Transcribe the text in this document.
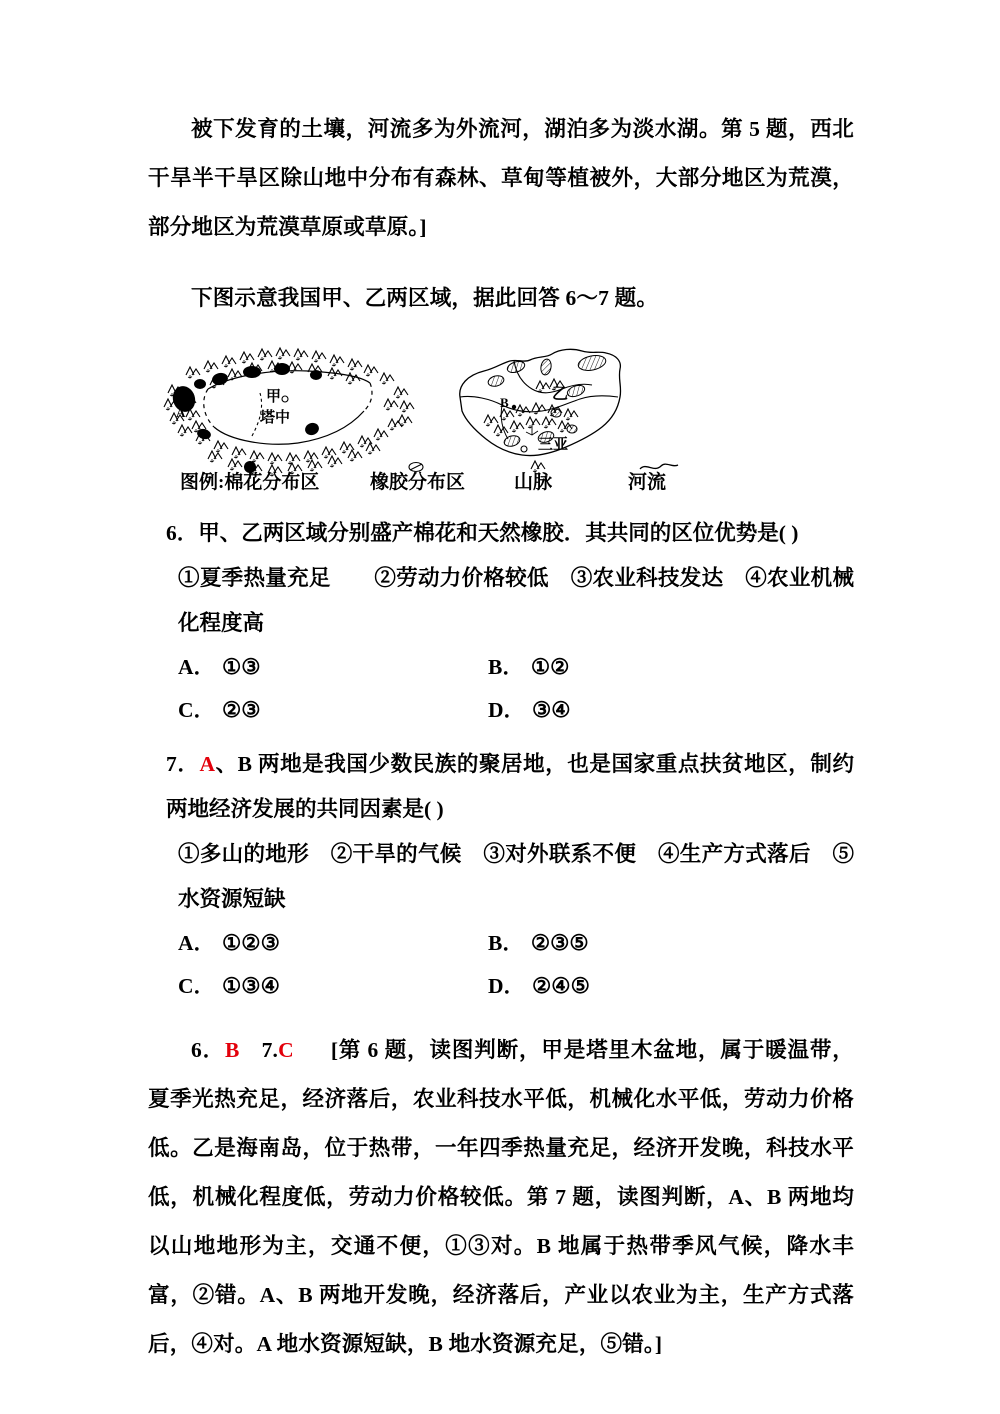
被下发育的土壤，河流多为外流河，湖泊多为淡水湖。第 5 题，西北干旱半干旱区除山地中分布有森林、草甸等植被外，大部分地区为荒漠，部分地区为荒漠草原或草原。]

下图示意我国甲、乙两区域，据此回答 6～7 题。

甲
塔中
A
乙
B
三亚
图例:棉花分布区	橡胶分布区	山脉	河流

6．甲、乙两区域分别盛产棉花和天然橡胶．其共同的区位优势是( )

①夏季热量充足　　②劳动力价格较低　③农业科技发达　④农业机械化程度高

A． ①③	B． ①②
C． ②③	D． ③④

7．A、B 两地是我国少数民族的聚居地，也是国家重点扶贫地区，制约两地经济发展的共同因素是( )

①多山的地形　②干旱的气候　③对外联系不便　④生产方式落后　⑤水资源短缺

A． ①②③	B． ②③⑤
C． ①③④	D． ②④⑤

6．B 7.C　[第 6 题，读图判断，甲是塔里木盆地，属于暖温带，夏季光热充足，经济落后，农业科技水平低，机械化水平低，劳动力价格低。乙是海南岛，位于热带，一年四季热量充足，经济开发晚，科技水平低，机械化程度低，劳动力价格较低。第 7 题，读图判断，A、B 两地均以山地地形为主，交通不便，①③对。B 地属于热带季风气候，降水丰富，②错。A、B 两地开发晚，经济落后，产业以农业为主，生产方式落后，④对。A 地水资源短缺，B 地水资源充足，⑤错。]
